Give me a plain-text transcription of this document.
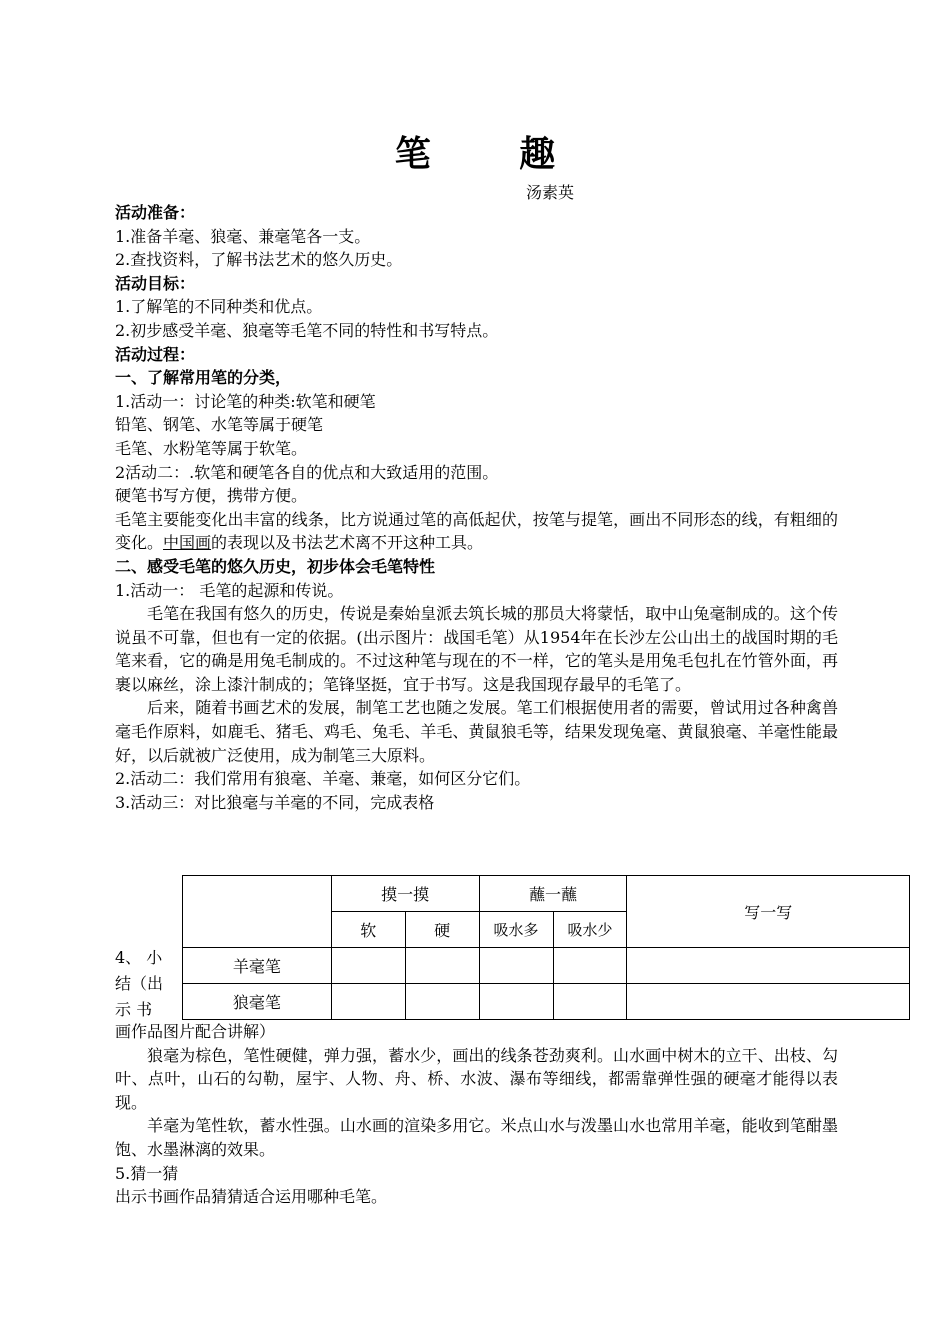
笔 趣
汤素英

活动准备：

1.准备羊毫、狼毫、兼毫笔各一支。

2.查找资料，了解书法艺术的悠久历史。

活动目标：

1.了解笔的不同种类和优点。

2.初步感受羊毫、狼毫等毛笔不同的特性和书写特点。

活动过程：

一、了解常用笔的分类，

1.活动一：讨论笔的种类:软笔和硬笔

铅笔、钢笔、水笔等属于硬笔

毛笔、水粉笔等属于软笔。

2活动二：.软笔和硬笔各自的优点和大致适用的范围。

硬笔书写方便，携带方便。

毛笔主要能变化出丰富的线条，比方说通过笔的高低起伏，按笔与提笔，画出不同形态的线，有粗细的变化。中国画的表现以及书法艺术离不开这种工具。

二、感受毛笔的悠久历史，初步体会毛笔特性

1.活动一： 毛笔的起源和传说。

毛笔在我国有悠久的历史，传说是秦始皇派去筑长城的那员大将蒙恬，取中山兔毫制成的。这个传说虽不可靠，但也有一定的依据。(出示图片：战国毛笔）从1954年在长沙左公山出土的战国时期的毛笔来看，它的确是用兔毛制成的。不过这种笔与现在的不一样，它的笔头是用兔毛包扎在竹管外面，再裹以麻丝，涂上漆汁制成的；笔锋坚挺，宜于书写。这是我国现存最早的毛笔了。

后来，随着书画艺术的发展，制笔工艺也随之发展。笔工们根据使用者的需要，曾试用过各种禽兽毫毛作原料，如鹿毛、猪毛、鸡毛、兔毛、羊毛、黄鼠狼毛等，结果发现兔毫、黄鼠狼毫、羊毫性能最好，以后就被广泛使用，成为制笔三大原料。

2.活动二：我们常用有狼毫、羊毫、兼毫，如何区分它们。

3.活动三：对比狼毫与羊毫的不同，完成表格

4、 小
结（出
示 书
	摸一摸		蘸一蘸		写一写
	软	硬	吸水多	吸水少	
羊毫笔					
狼毫笔					

画作品图片配合讲解）

狼毫为棕色，笔性硬健，弹力强，蓄水少，画出的线条苍劲爽利。山水画中树木的立干、出枝、勾叶、点叶，山石的勾勒，屋宇、人物、舟、桥、水波、瀑布等细线，都需靠弹性强的硬毫才能得以表现。

羊毫为笔性软，蓄水性强。山水画的渲染多用它。米点山水与泼墨山水也常用羊毫，能收到笔酣墨饱、水墨淋漓的效果。

5.猜一猜

出示书画作品猜猜适合运用哪种毛笔。
